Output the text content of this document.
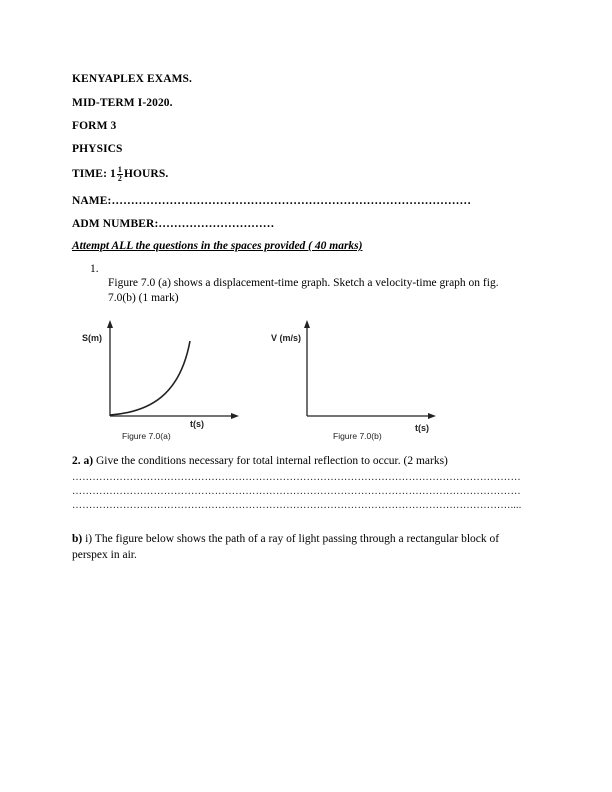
KENYAPLEX EXAMS.
MID-TERM I-2020.
FORM 3
PHYSICS
TIME: $1 \frac{1}{2}$ HOURS.
NAME:…………………………………………………………………………………
ADM NUMBER:…………………………
Attempt ALL the questions in the spaces provided ( 40 marks)
1.
Figure 7.0 (a) shows a displacement-time graph. Sketch a velocity-time graph on fig. 7.0(b) (1 mark)
S(m)
t(s)
Figure 7.0(a)
V (m/s)
t(s)
Figure 7.0(b)
2. a) Give the conditions necessary for total internal reflection to occur. (2 marks)
……………………………………………………………………………………………………………………
……………………………………………………………………………………………………………………
…………………………………………………………………………………………………………………....
b) i) The figure below shows the path of a ray of light passing through a rectangular block of perspex in air.
